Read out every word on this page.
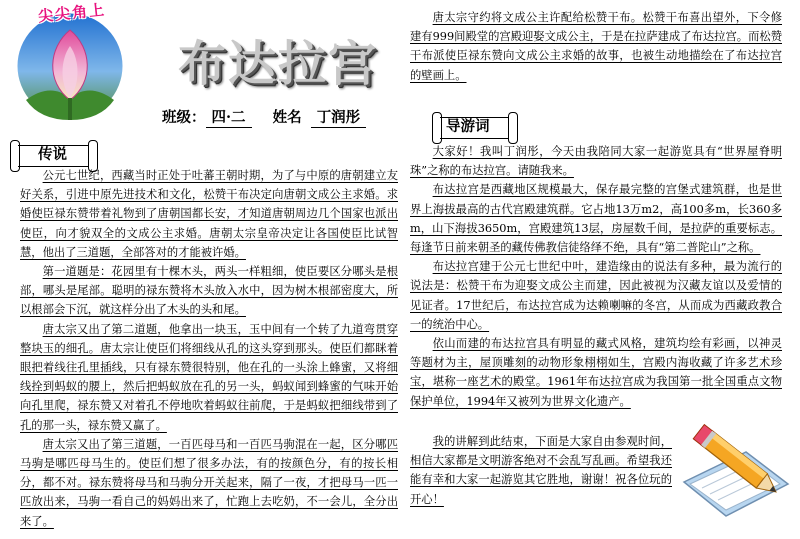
尖尖角上
布达拉宫
班级： 四·二 姓名 丁润彤
传说
导游词

公元七世纪，西藏当时正处于吐蕃王朝时期，为了与中原的唐朝建立友好关系，引进中原先进技术和文化，松赞干布决定向唐朝文成公主求婚。求婚使臣禄东赞带着礼物到了唐朝国都长安，才知道唐朝周边几个国家也派出使臣，向才貌双全的文成公主求婚。唐朝太宗皇帝决定让各国使臣比试智慧，他出了三道题，全部答对的才能被许婚。

第一道题是：花园里有十棵木头，两头一样粗细，使臣要区分哪头是根部，哪头是尾部。聪明的禄东赞将木头放入水中，因为树木根部密度大，所以根部会下沉，就这样分出了木头的头和尾。

唐太宗又出了第二道题，他拿出一块玉，玉中间有一个转了九道弯贯穿整块玉的细孔。唐太宗让使臣们将细线从孔的这头穿到那头。使臣们都眯着眼把着线往孔里插线，只有禄东赞很特别，他在孔的一头涂上蜂蜜，又将细线拴到蚂蚁的腰上，然后把蚂蚁放在孔的另一头，蚂蚁闻到蜂蜜的气味开始向孔里爬，禄东赞又对着孔不停地吹着蚂蚁往前爬，于是蚂蚁把细线带到了孔的那一头，禄东赞又赢了。

唐太宗又出了第三道题，一百匹母马和一百匹马驹混在一起，区分哪匹马驹是哪匹母马生的。使臣们想了很多办法，有的按颜色分，有的按长相分，都不对。禄东赞将母马和马驹分开关起来，隔了一夜，才把母马一匹一匹放出来，马驹一看自己的妈妈出来了，忙跑上去吃奶，不一会儿，全分出来了。

唐太宗守约将文成公主许配给松赞干布。松赞干布喜出望外，下令修建有999间殿堂的宫殿迎娶文成公主，于是在拉萨建成了布达拉宫。而松赞干布派使臣禄东赞向文成公主求婚的故事，也被生动地描绘在了布达拉宫的壁画上。

大家好！我叫丁润彤，今天由我陪同大家一起游览具有“世界屋脊明珠”之称的布达拉宫。请随我来。

布达拉宫是西藏地区规模最大，保存最完整的宫堡式建筑群，也是世界上海拔最高的古代宫殿建筑群。它占地13万m2，高100多m，长360多m，山下海拔3650m，宫殿建筑13层，房屋数千间，是拉萨的重要标志。每逢节日前来朝圣的藏传佛教信徒络绎不绝，具有“第二普陀山”之称。

布达拉宫建于公元七世纪中叶，建造缘由的说法有多种，最为流行的说法是：松赞干布为迎娶文成公主而建，因此被视为汉藏友谊以及爱情的见证者。17世纪后，布达拉宫成为达赖喇嘛的冬宫，从而成为西藏政教合一的统治中心。

依山而建的布达拉宫具有明显的藏式风格，建筑均绘有彩画，以神灵等题材为主，屋顶雕刻的动物形象栩栩如生，宫殿内海收藏了许多艺术珍宝，堪称一座艺术的殿堂。1961年布达拉宫成为我国第一批全国重点文物保护单位，1994年又被列为世界文化遗产。

我的讲解到此结束，下面是大家自由参观时间，相信大家都是文明游客绝对不会乱写乱画。希望我还能有幸和大家一起游览其它胜地，谢谢！祝各位玩的开心！
